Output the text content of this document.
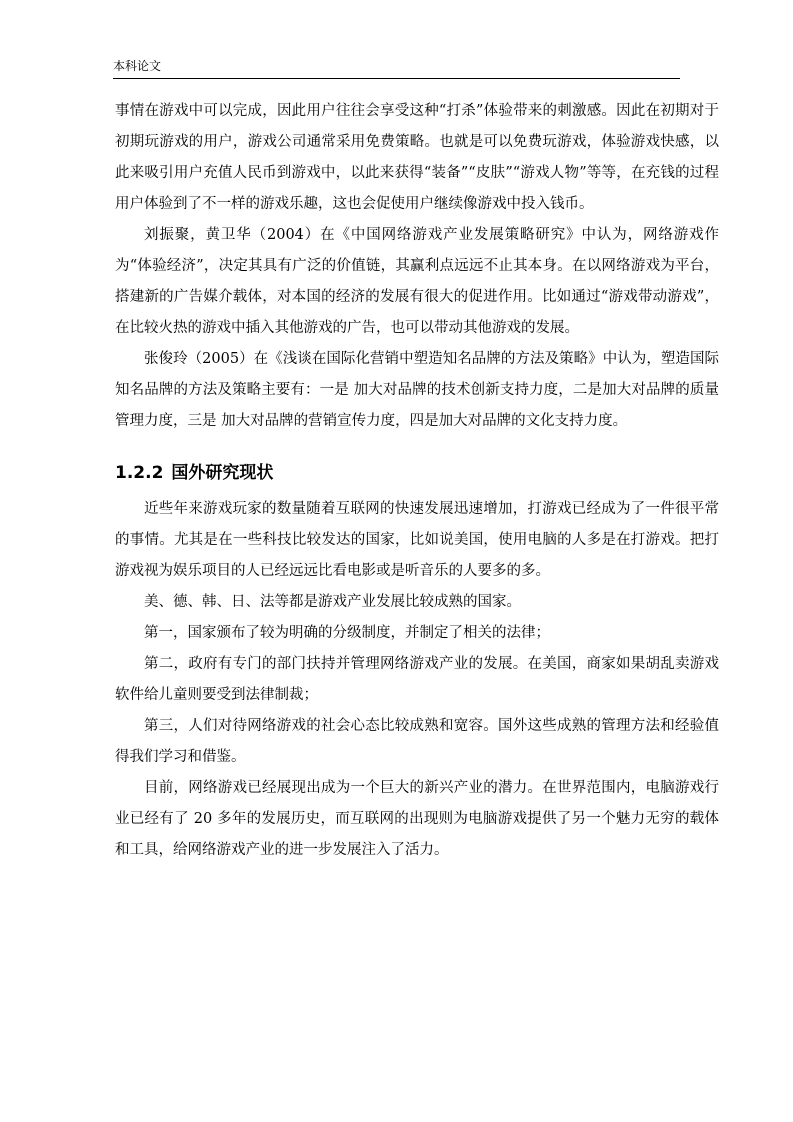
本科论文

事情在游戏中可以完成，因此用户往往会享受这种“打杀”体验带来的刺激感。因此在初期对于初期玩游戏的用户，游戏公司通常采用免费策略。也就是可以免费玩游戏，体验游戏快感，以此来吸引用户充值人民币到游戏中，以此来获得“装备”“皮肤”“游戏人物”等等，在充钱的过程用户体验到了不一样的游戏乐趣，这也会促使用户继续像游戏中投入钱币。

刘振聚，黄卫华（2004）在《中国网络游戏产业发展策略研究》中认为，网络游戏作为“体验经济”，决定其具有广泛的价值链，其赢利点远远不止其本身。在以网络游戏为平台，搭建新的广告媒介载体，对本国的经济的发展有很大的促进作用。比如通过“游戏带动游戏”，在比较火热的游戏中插入其他游戏的广告，也可以带动其他游戏的发展。

张俊玲（2005）在《浅谈在国际化营销中塑造知名品牌的方法及策略》中认为，塑造国际知名品牌的方法及策略主要有：一是 加大对品牌的技术创新支持力度，二是加大对品牌的质量管理力度，三是 加大对品牌的营销宣传力度，四是加大对品牌的文化支持力度。

1.2.2 国外研究现状

近些年来游戏玩家的数量随着互联网的快速发展迅速增加，打游戏已经成为了一件很平常的事情。尤其是在一些科技比较发达的国家，比如说美国，使用电脑的人多是在打游戏。把打游戏视为娱乐项目的人已经远远比看电影或是听音乐的人要多的多。

美、德、韩、日、法等都是游戏产业发展比较成熟的国家。

第一，国家颁布了较为明确的分级制度，并制定了相关的法律；

第二，政府有专门的部门扶持并管理网络游戏产业的发展。在美国，商家如果胡乱卖游戏软件给儿童则要受到法律制裁；

第三，人们对待网络游戏的社会心态比较成熟和宽容。国外这些成熟的管理方法和经验值得我们学习和借鉴。

目前，网络游戏已经展现出成为一个巨大的新兴产业的潜力。在世界范围内，电脑游戏行业已经有了 20 多年的发展历史，而互联网的出现则为电脑游戏提供了另一个魅力无穷的载体和工具，给网络游戏产业的进一步发展注入了活力。
